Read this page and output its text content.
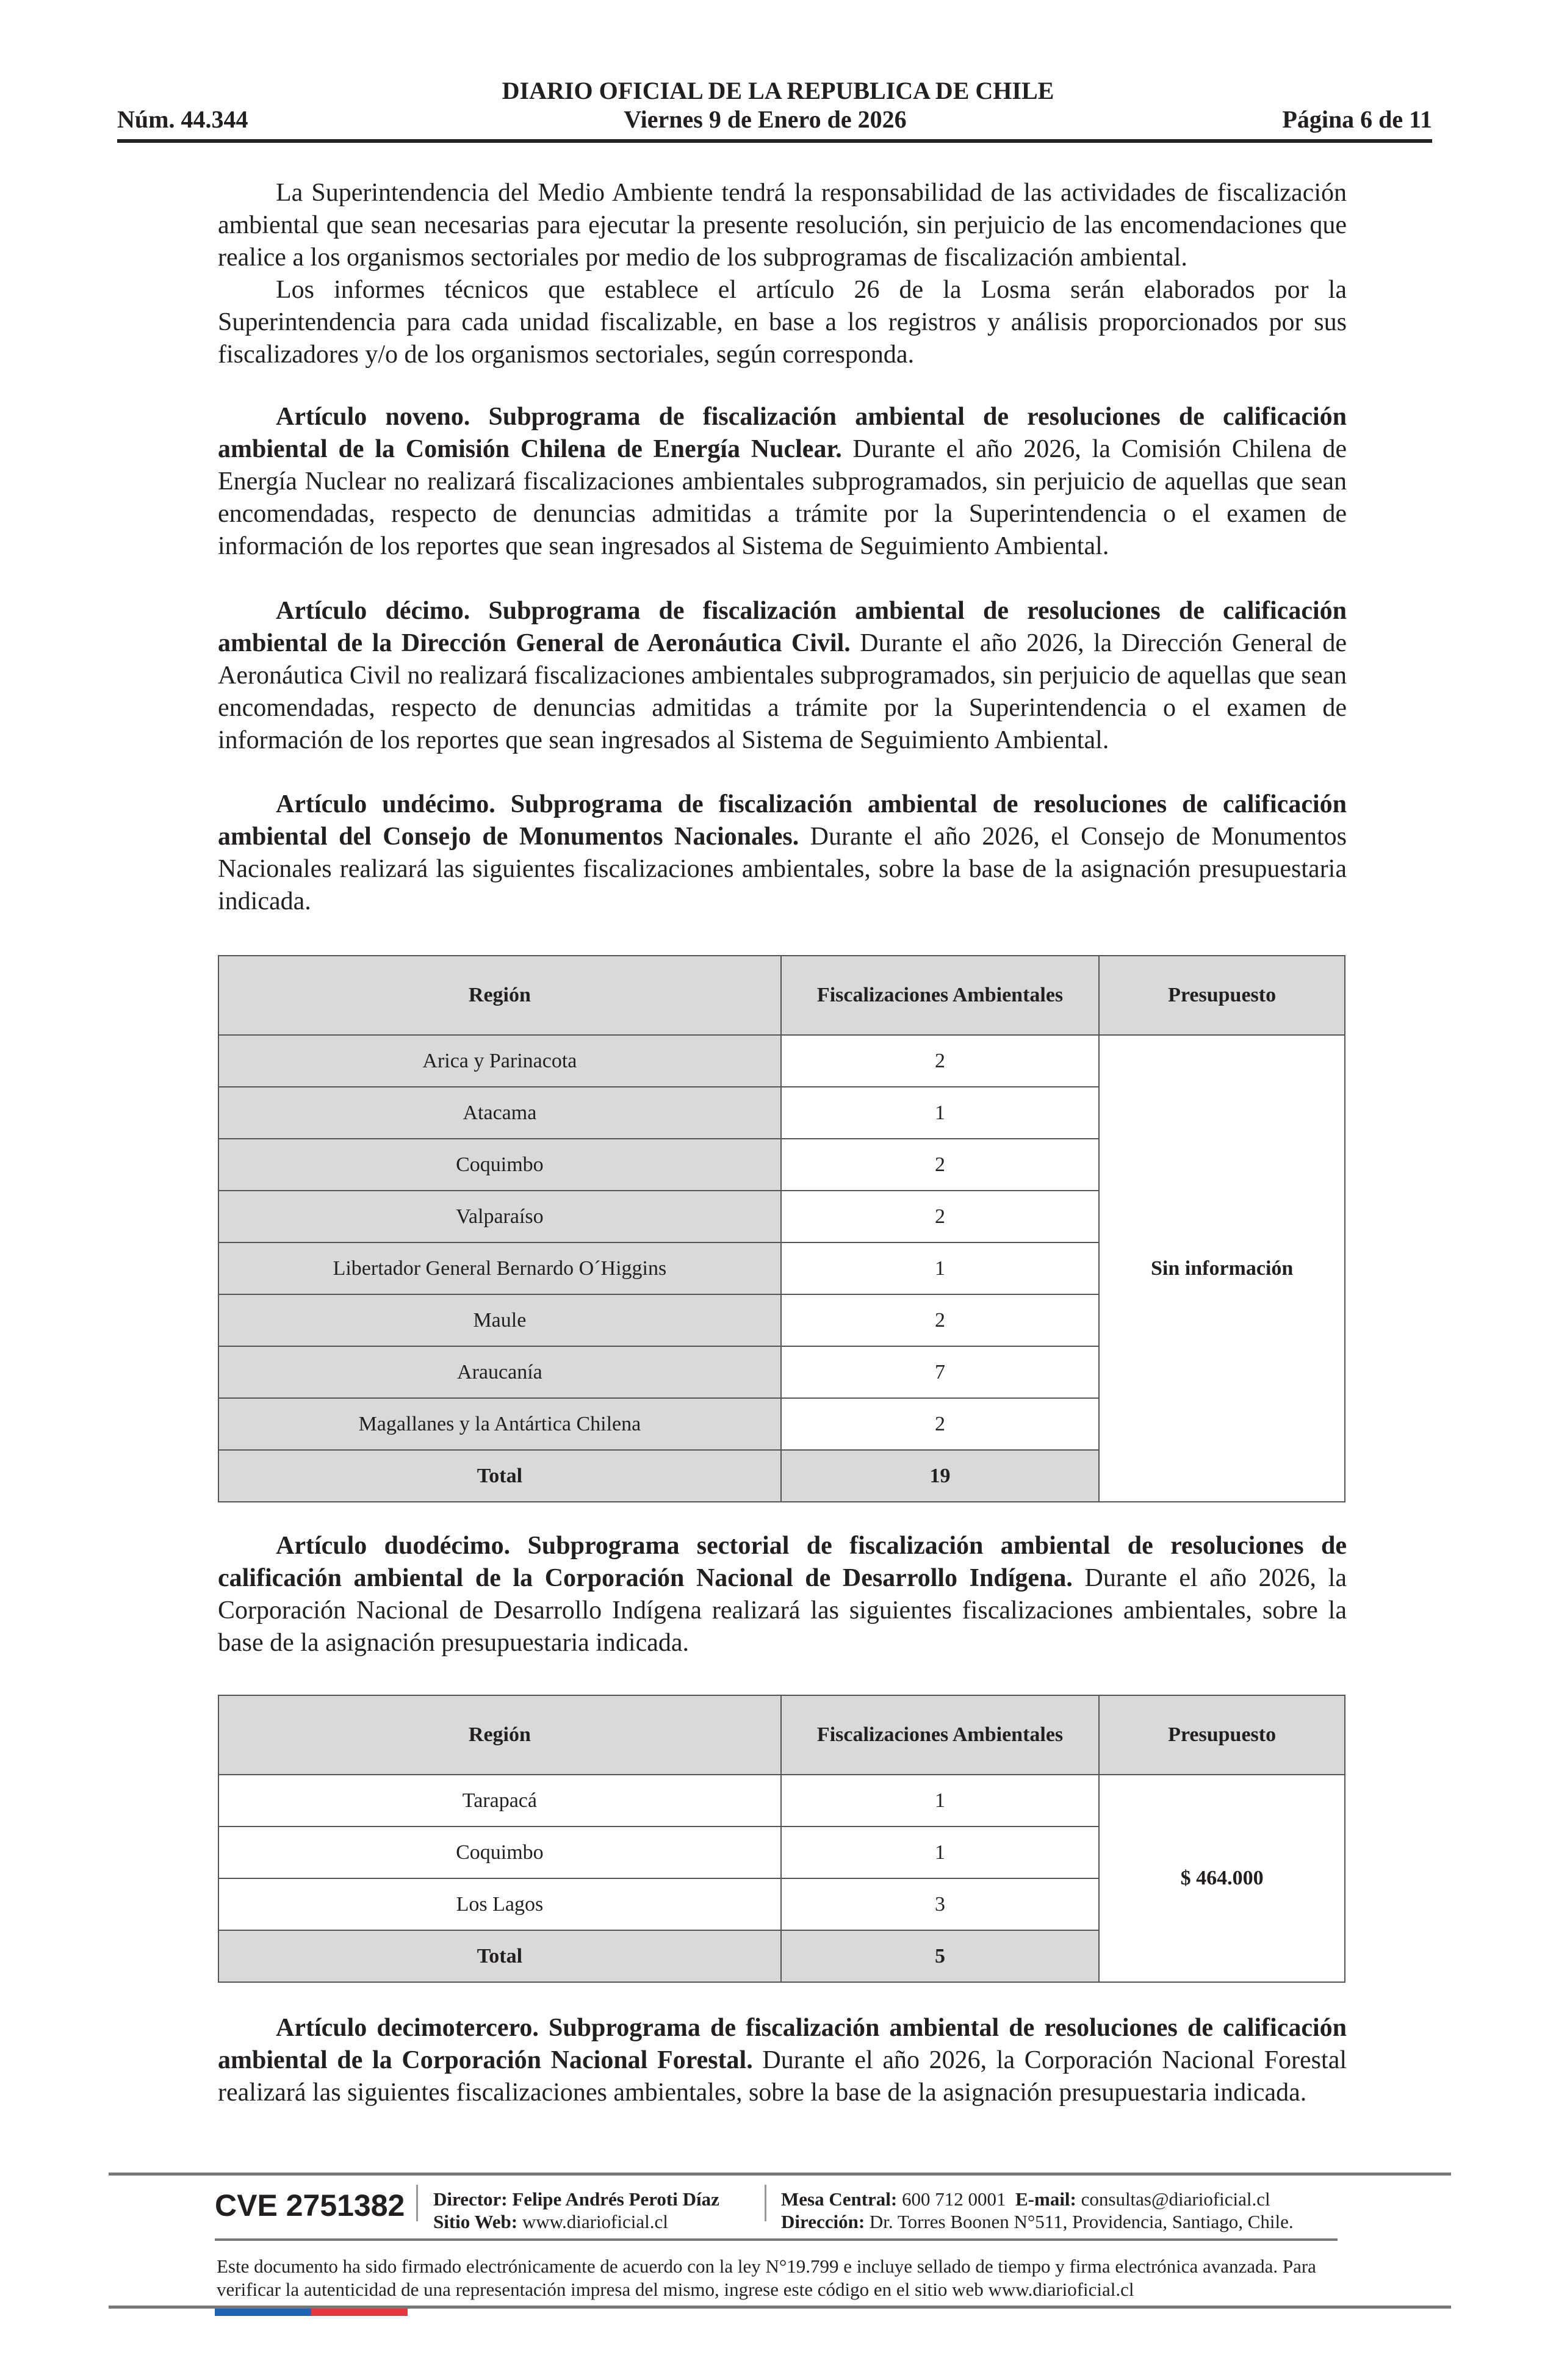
DIARIO OFICIAL DE LA REPUBLICA DE CHILE
Núm. 44.344	Viernes 9 de Enero de 2026	Página 6 de 11

La Superintendencia del Medio Ambiente tendrá la responsabilidad de las actividades de fiscalización ambiental que sean necesarias para ejecutar la presente resolución, sin perjuicio de las encomendaciones que realice a los organismos sectoriales por medio de los subprogramas de fiscalización ambiental.

Los informes técnicos que establece el artículo 26 de la Losma serán elaborados por la Superintendencia para cada unidad fiscalizable, en base a los registros y análisis proporcionados por sus fiscalizadores y/o de los organismos sectoriales, según corresponda.

Artículo noveno. Subprograma de fiscalización ambiental de resoluciones de calificación ambiental de la Comisión Chilena de Energía Nuclear. Durante el año 2026, la Comisión Chilena de Energía Nuclear no realizará fiscalizaciones ambientales subprogramados, sin perjuicio de aquellas que sean encomendadas, respecto de denuncias admitidas a trámite por la Superintendencia o el examen de información de los reportes que sean ingresados al Sistema de Seguimiento Ambiental.

Artículo décimo. Subprograma de fiscalización ambiental de resoluciones de calificación ambiental de la Dirección General de Aeronáutica Civil. Durante el año 2026, la Dirección General de Aeronáutica Civil no realizará fiscalizaciones ambientales subprogramados, sin perjuicio de aquellas que sean encomendadas, respecto de denuncias admitidas a trámite por la Superintendencia o el examen de información de los reportes que sean ingresados al Sistema de Seguimiento Ambiental.

Artículo undécimo. Subprograma de fiscalización ambiental de resoluciones de calificación ambiental del Consejo de Monumentos Nacionales. Durante el año 2026, el Consejo de Monumentos Nacionales realizará las siguientes fiscalizaciones ambientales, sobre la base de la asignación presupuestaria indicada.

Región	Fiscalizaciones Ambientales	Presupuesto
Arica y Parinacota	2	Sin información
Atacama	1	
Coquimbo	2	
Valparaíso	2	
Libertador General Bernardo O´Higgins	1	
Maule	2	
Araucanía	7	
Magallanes y la Antártica Chilena	2	
Total	19	

Artículo duodécimo. Subprograma sectorial de fiscalización ambiental de resoluciones de calificación ambiental de la Corporación Nacional de Desarrollo Indígena. Durante el año 2026, la Corporación Nacional de Desarrollo Indígena realizará las siguientes fiscalizaciones ambientales, sobre la base de la asignación presupuestaria indicada.

Región	Fiscalizaciones Ambientales	Presupuesto
Tarapacá	1	$ 464.000
Coquimbo	1	
Los Lagos	3	
Total	5	

Artículo decimotercero. Subprograma de fiscalización ambiental de resoluciones de calificación ambiental de la Corporación Nacional Forestal. Durante el año 2026, la Corporación Nacional Forestal realizará las siguientes fiscalizaciones ambientales, sobre la base de la asignación presupuestaria indicada.

CVE 2751382 Director: Felipe Andrés Peroti Díaz
Sitio Web: www.diarioficial.cl
Mesa Central: 600 712 0001 E-mail: consultas@diarioficial.cl
Dirección: Dr. Torres Boonen N°511, Providencia, Santiago, Chile.
Este documento ha sido firmado electrónicamente de acuerdo con la ley N°19.799 e incluye sellado de tiempo y firma electrónica avanzada. Para verificar la autenticidad de una representación impresa del mismo, ingrese este código en el sitio web www.diarioficial.cl
